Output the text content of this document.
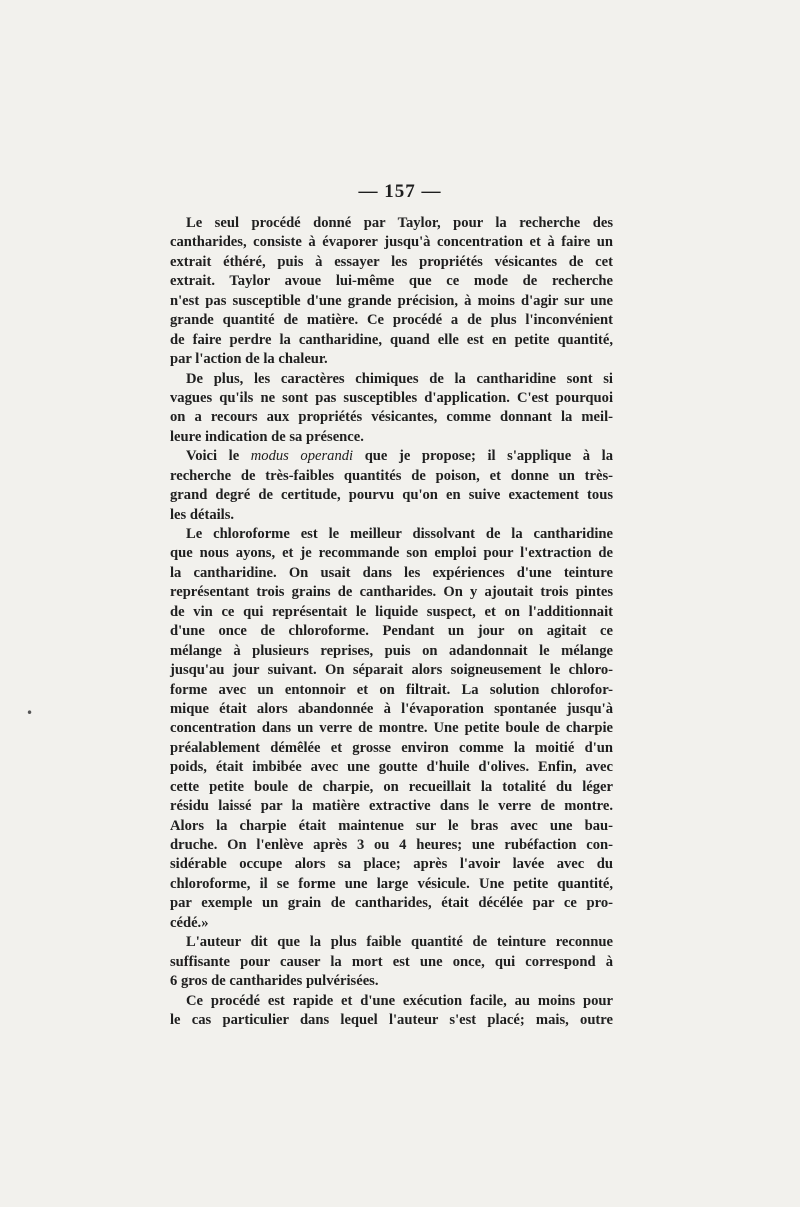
— 157 —
Le seul procédé donné par Taylor, pour la recherche des
cantharides, consiste à évaporer jusqu'à concentration et à faire un
extrait éthéré, puis à essayer les propriétés vésicantes de cet
extrait. Taylor avoue lui-même que ce mode de recherche
n'est pas susceptible d'une grande précision, à moins d'agir sur une
grande quantité de matière. Ce procédé a de plus l'inconvénient
de faire perdre la cantharidine, quand elle est en petite quantité,
par l'action de la chaleur.
De plus, les caractères chimiques de la cantharidine sont si
vagues qu'ils ne sont pas susceptibles d'application. C'est pourquoi
on a recours aux propriétés vésicantes, comme donnant la meil-
leure indication de sa présence.
Voici le modus operandi que je propose; il s'applique à la
recherche de très-faibles quantités de poison, et donne un très-
grand degré de certitude, pourvu qu'on en suive exactement tous
les détails.
Le chloroforme est le meilleur dissolvant de la cantharidine
que nous ayons, et je recommande son emploi pour l'extraction de
la cantharidine. On usait dans les expériences d'une teinture
représentant trois grains de cantharides. On y ajoutait trois pintes
de vin ce qui représentait le liquide suspect, et on l'additionnait
d'une once de chloroforme. Pendant un jour on agitait ce
mélange à plusieurs reprises, puis on adandonnait le mélange
jusqu'au jour suivant. On séparait alors soigneusement le chloro-
forme avec un entonnoir et on filtrait. La solution chlorofor-
mique était alors abandonnée à l'évaporation spontanée jusqu'à
concentration dans un verre de montre. Une petite boule de charpie
préalablement démêlée et grosse environ comme la moitié d'un
poids, était imbibée avec une goutte d'huile d'olives. Enfin, avec
cette petite boule de charpie, on recueillait la totalité du léger
résidu laissé par la matière extractive dans le verre de montre.
Alors la charpie était maintenue sur le bras avec une bau-
druche. On l'enlève après 3 ou 4 heures; une rubéfaction con-
sidérable occupe alors sa place; après l'avoir lavée avec du
chloroforme, il se forme une large vésicule. Une petite quantité,
par exemple un grain de cantharides, était décélée par ce pro-
cédé.»
L'auteur dit que la plus faible quantité de teinture reconnue
suffisante pour causer la mort est une once, qui correspond à
6 gros de cantharides pulvérisées.
Ce procédé est rapide et d'une exécution facile, au moins pour
le cas particulier dans lequel l'auteur s'est placé; mais, outre
•
